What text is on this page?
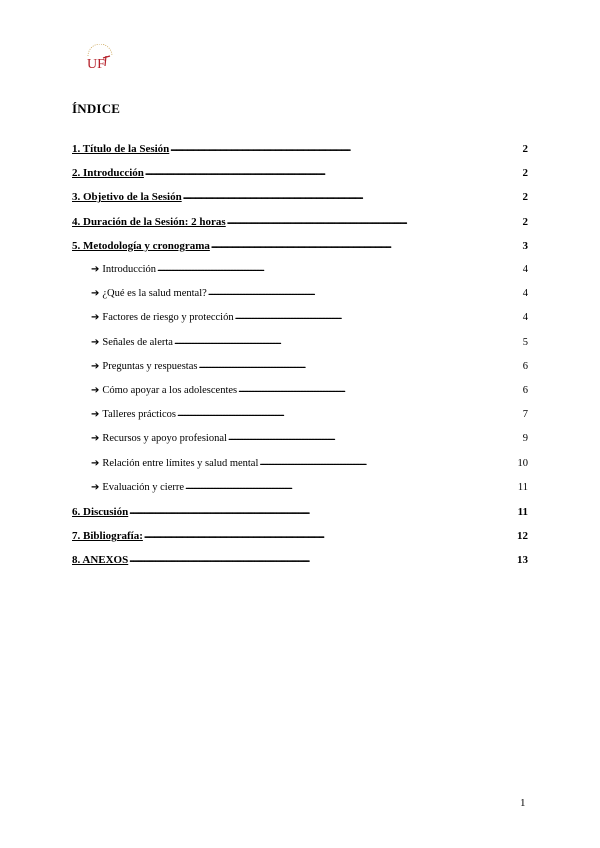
UF
ÍNDICE
1. Título de la Sesión . . .	2
2. Introducción . . .	2
3. Objetivo de la Sesión . . .	2
4. Duración de la Sesión: 2 horas . . .	2
5. Metodología y cronograma . . .	3
➔ Introducción . . .	4
➔ ¿Qué es la salud mental? . . .	4
➔ Factores de riesgo y protección . . .	4
➔ Señales de alerta . . .	5
➔ Preguntas y respuestas . . .	6
➔ Cómo apoyar a los adolescentes . . .	6
➔ Talleres prácticos . . .	7
➔ Recursos y apoyo profesional . . .	9
➔ Relación entre límites y salud mental . . .	10
➔ Evaluación y cierre . . .	11
6. Discusión . . .	11
7. Bibliografía: . . .	12
8. ANEXOS . . .	13
1
